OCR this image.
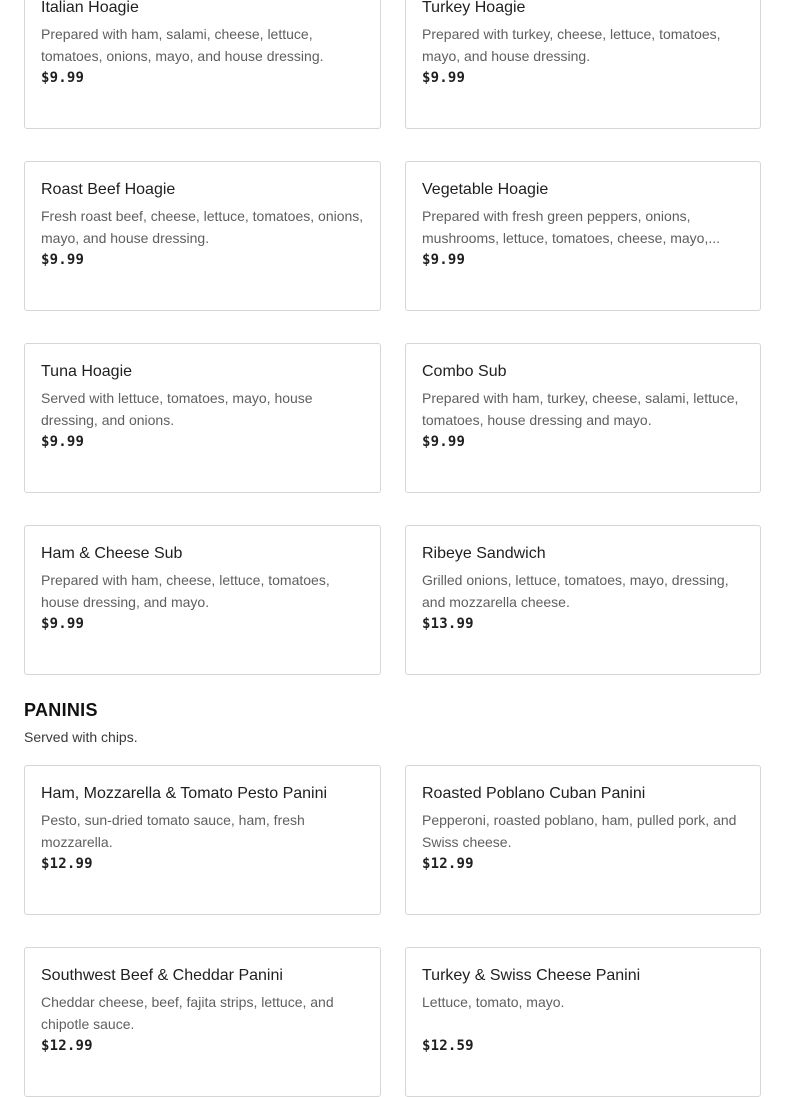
Italian Hoagie
Prepared with ham, salami, cheese, lettuce, tomatoes, onions, mayo, and house dressing.
$9.99
Turkey Hoagie
Prepared with turkey, cheese, lettuce, tomatoes, mayo, and house dressing.
$9.99
Roast Beef Hoagie
Fresh roast beef, cheese, lettuce, tomatoes, onions, mayo, and house dressing.
$9.99
Vegetable Hoagie
Prepared with fresh green peppers, onions, mushrooms, lettuce, tomatoes, cheese, mayo,...
$9.99
Tuna Hoagie
Served with lettuce, tomatoes, mayo, house dressing, and onions.
$9.99
Combo Sub
Prepared with ham, turkey, cheese, salami, lettuce, tomatoes, house dressing and mayo.
$9.99
Ham & Cheese Sub
Prepared with ham, cheese, lettuce, tomatoes, house dressing, and mayo.
$9.99
Ribeye Sandwich
Grilled onions, lettuce, tomatoes, mayo, dressing, and mozzarella cheese.
$13.99
PANINIS
Served with chips.
Ham, Mozzarella & Tomato Pesto Panini
Pesto, sun-dried tomato sauce, ham, fresh mozzarella.
$12.99
Roasted Poblano Cuban Panini
Pepperoni, roasted poblano, ham, pulled pork, and Swiss cheese.
$12.99
Southwest Beef & Cheddar Panini
Cheddar cheese, beef, fajita strips, lettuce, and chipotle sauce.
$12.99
Turkey & Swiss Cheese Panini
Lettuce, tomato, mayo.
$12.59
